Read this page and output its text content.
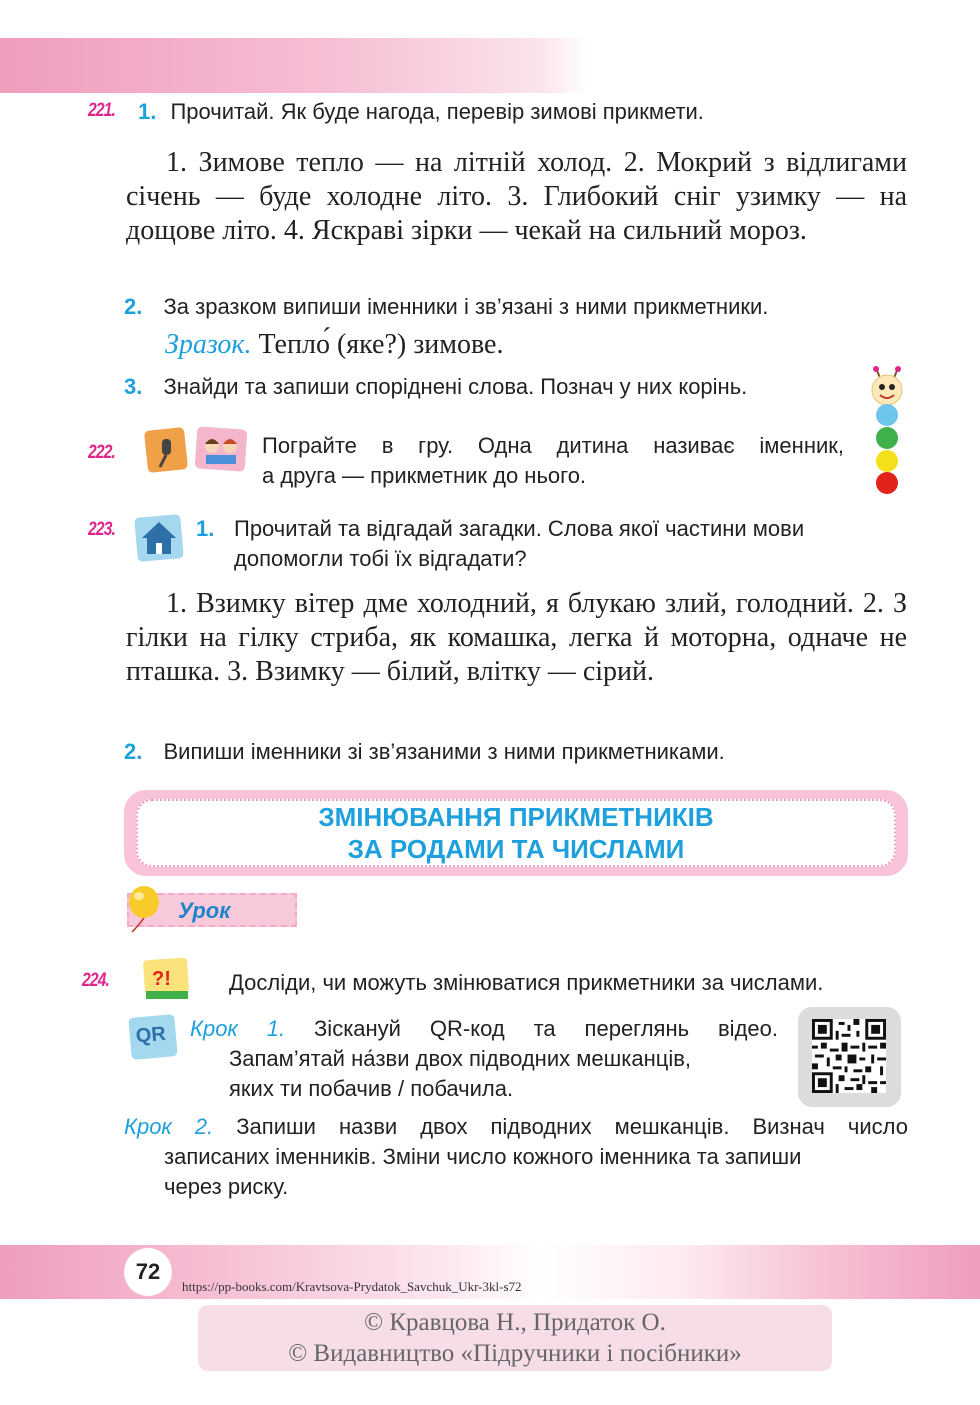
221. 1. Прочитай. Як буде нагода, перевір зимові прикмети.
1. Зимове тепло — на літній холод. 2. Мокрий з відлигами січень — буде холодне літо. 3. Глибокий сніг узимку — на дощове літо. 4. Яскраві зірки — чекай на сильний мороз.
2. За зразком випиши іменники і зв’язані з ними прикметники.
Зразок. Тепло́ (яке?) зимове.
3. Знайди та запиши споріднені слова. Познач у них корінь.
222.	Пограйте в гру. Одна дитина називає іменник,
а друга — прикметник до нього.
223.	1. Прочитай та відгадай загадки. Слова якої частини мови
допомогли тобі їх відгадати?
1. Взимку вітер дме холодний, я блукаю злий, голодний. 2. З гілки на гілку стриба, як комашка, легка й моторна, одначе не пташка. 3. Взимку — білий, влітку — сірий.
2. Випиши іменники зі зв’язаними з ними прикметниками.
ЗМІНЮВАННЯ ПРИКМЕТНИКІВ
ЗА РОДАМИ ТА ЧИСЛАМИ
Урок
224. ?!	Досліди, чи можуть змінюватися прикметники за числами.
QR Крок 1. Зіскануй QR-код та переглянь відео.
Запам’ятай на́зви двох підводних мешканців,
яких ти побачив / побачила.
Крок 2. Запиши назви двох підводних мешканців. Визнач число
записаних іменників. Зміни число кожного іменника та запиши
через риску.
72
https://pp-books.com/Kravtsova-Prydatok_Savchuk_Ukr-3kl-s72
© Кравцова Н., Придаток О.
© Видавництво «Підручники і посібники»
